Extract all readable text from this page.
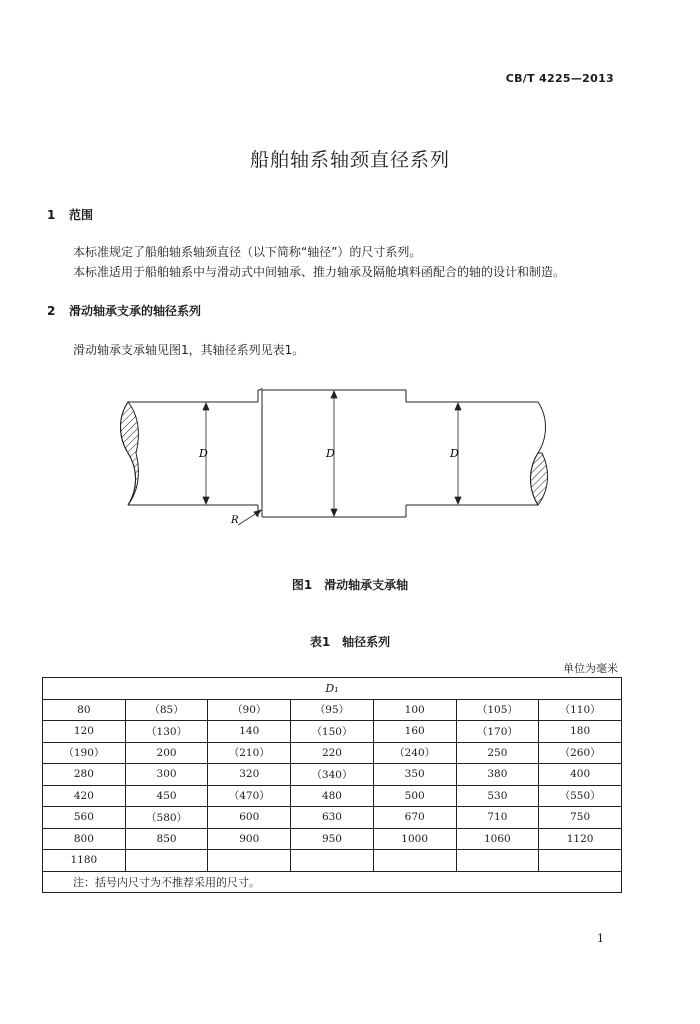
CB/T 4225—2013
船舶轴系轴颈直径系列
1 范围
本标准规定了船舶轴系轴颈直径（以下简称“轴径”）的尺寸系列。
本标准适用于船舶轴系中与滑动式中间轴承、推力轴承及隔舱填料函配合的轴的设计和制造。
2 滑动轴承支承的轴径系列
滑动轴承支承轴见图1，其轴径系列见表1。
D	D	D
R
图1　滑动轴承支承轴
表1　轴径系列
单位为毫米
D₁						
80	（85）	（90）	（95）	100	（105）	（110）
120	（130）	140	（150）	160	（170）	180
（190）	200	（210）	220	（240）	250	（260）
280	300	320	（340）	350	380	400
420	450	（470）	480	500	530	（550）
560	（580）	600	630	670	710	750
800	850	900	950	1000	1060	1120
1180						
注：括号内尺寸为不推荐采用的尺寸。						
1
